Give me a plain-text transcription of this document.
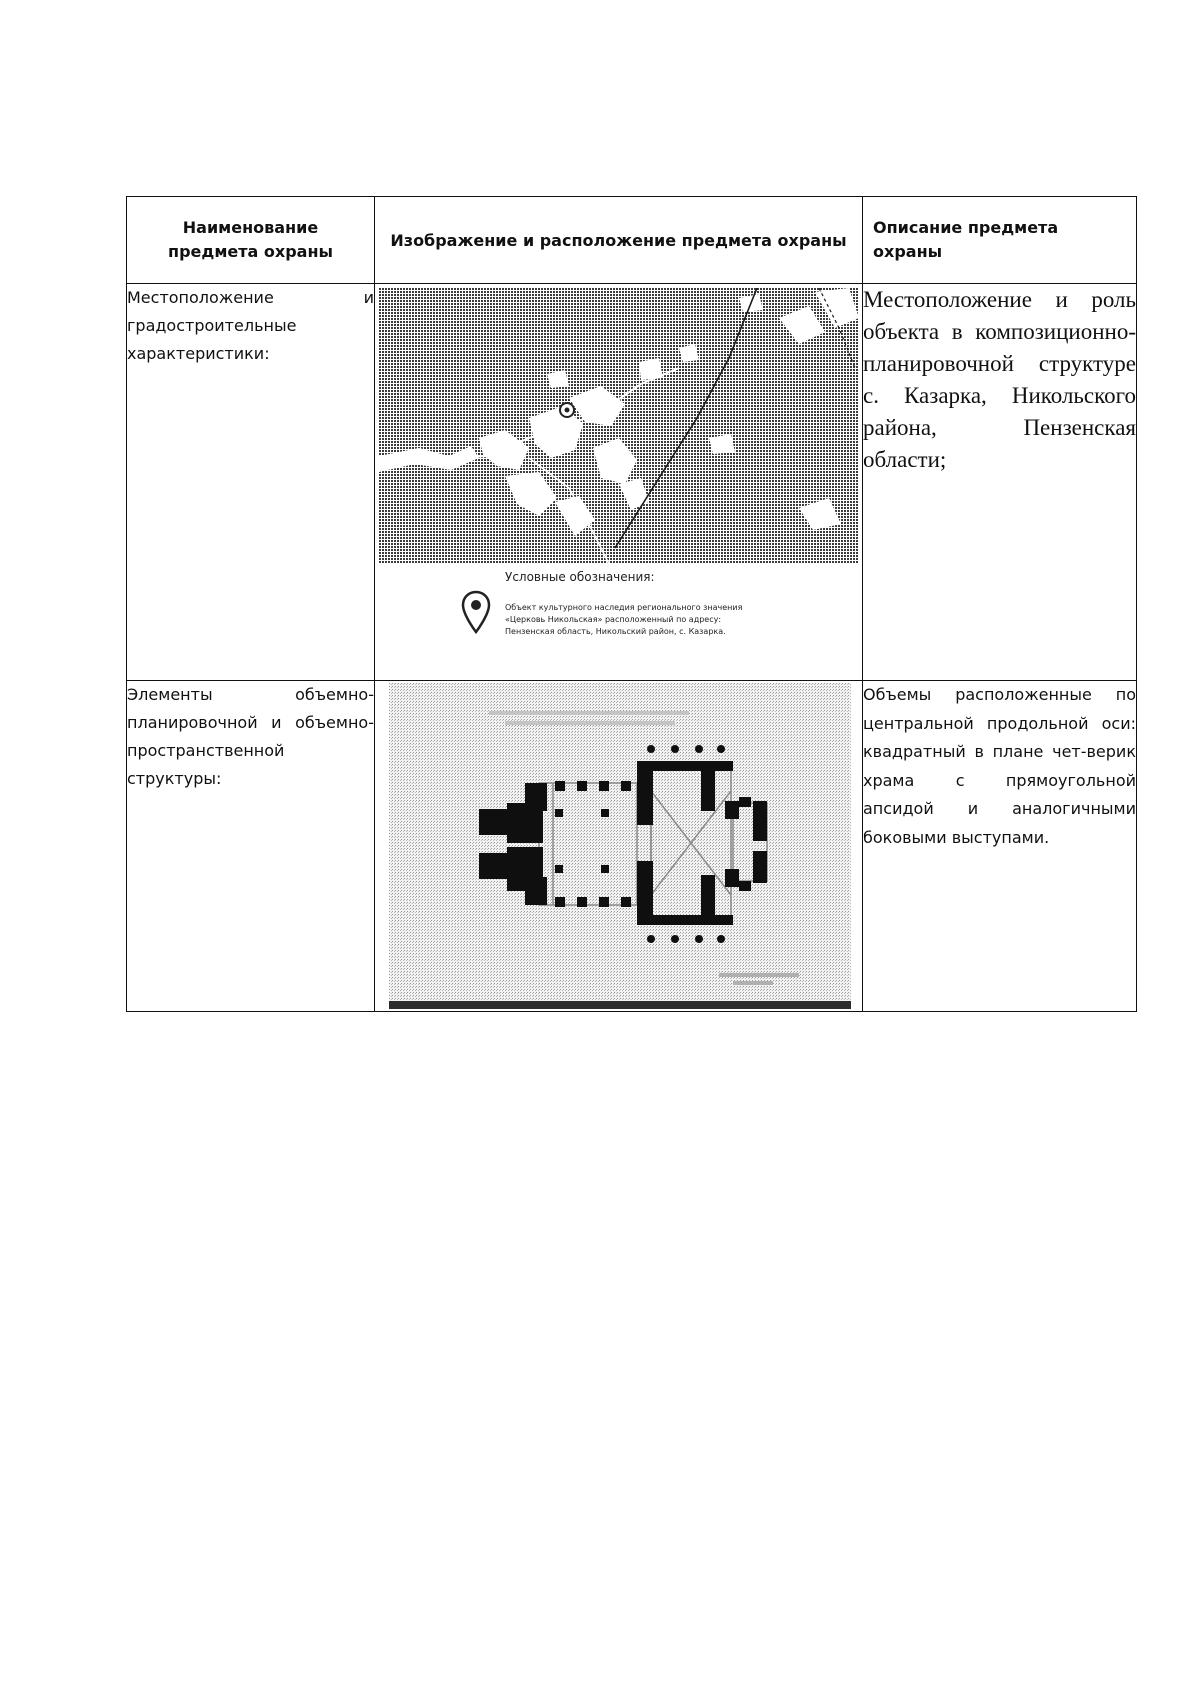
Наименование предмета охраны	Изображение и расположение предмета охраны	Описание предмета охраны
Местоположение и градостроительные характеристики:	Условные обозначения:
Объект культурного наследия регионального значения
«Церковь Никольская» расположенный по адресу:
Пензенская область, Никольский район, с. Казарка.	Местоположение и роль объекта в композиционно-планировочной структуре с. Казарка, Никольского района, Пензенская области;
Элементы объемно-планировочной и объемно-пространственной структуры:		Объемы расположенные по центральной продольной оси: квадратный в плане чет-верик храма с прямоугольной апсидой и аналогичными боковыми выступами.
